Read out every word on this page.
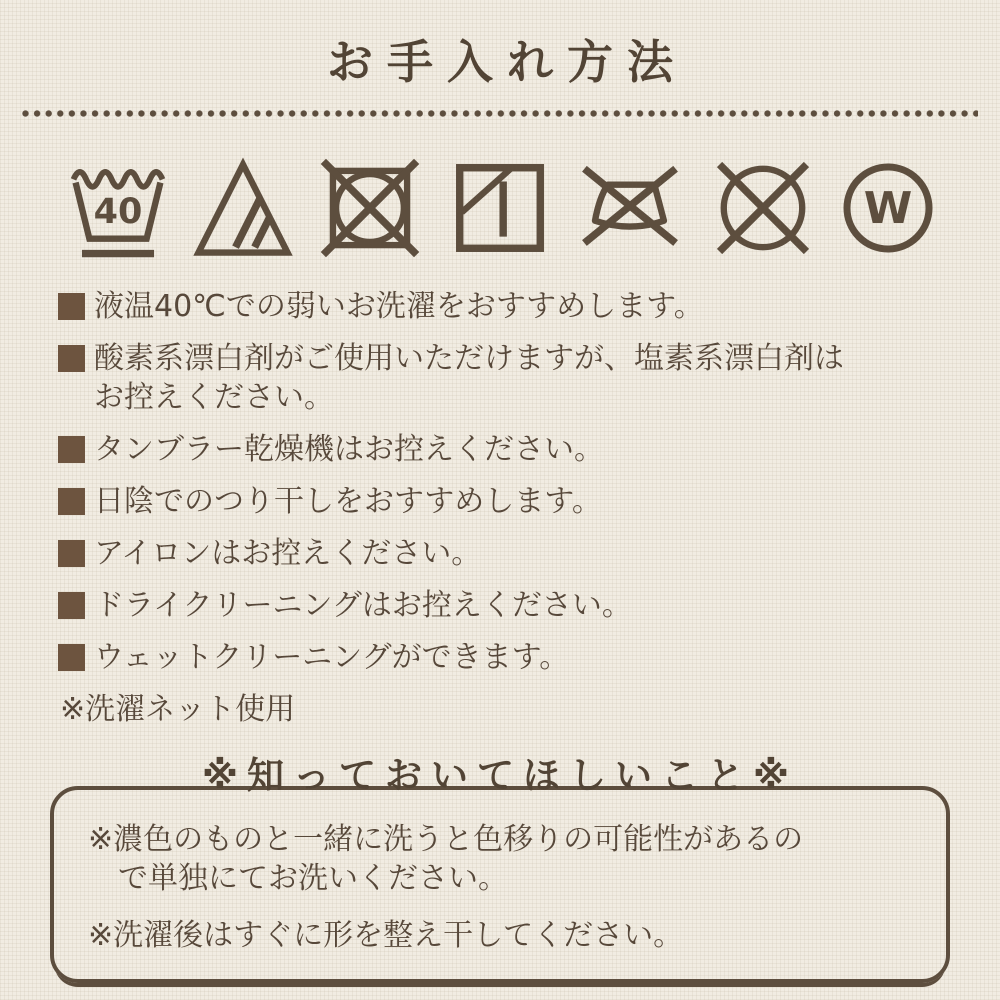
お手入れ方法
40	W
液温40℃での弱いお洗濯をおすすめします。
酸素系漂白剤がご使用いただけますが、塩素系漂白剤はお控えください。
タンブラー乾燥機はお控えください。
日陰でのつり干しをおすすめします。
アイロンはお控えください。
ドライクリーニングはお控えください。
ウェットクリーニングができます。
※洗濯ネット使用
※知っておいてほしいこと※

※濃色のものと一緒に洗うと色移りの可能性があるので単独にてお洗いください。

※洗濯後はすぐに形を整え干してください。
